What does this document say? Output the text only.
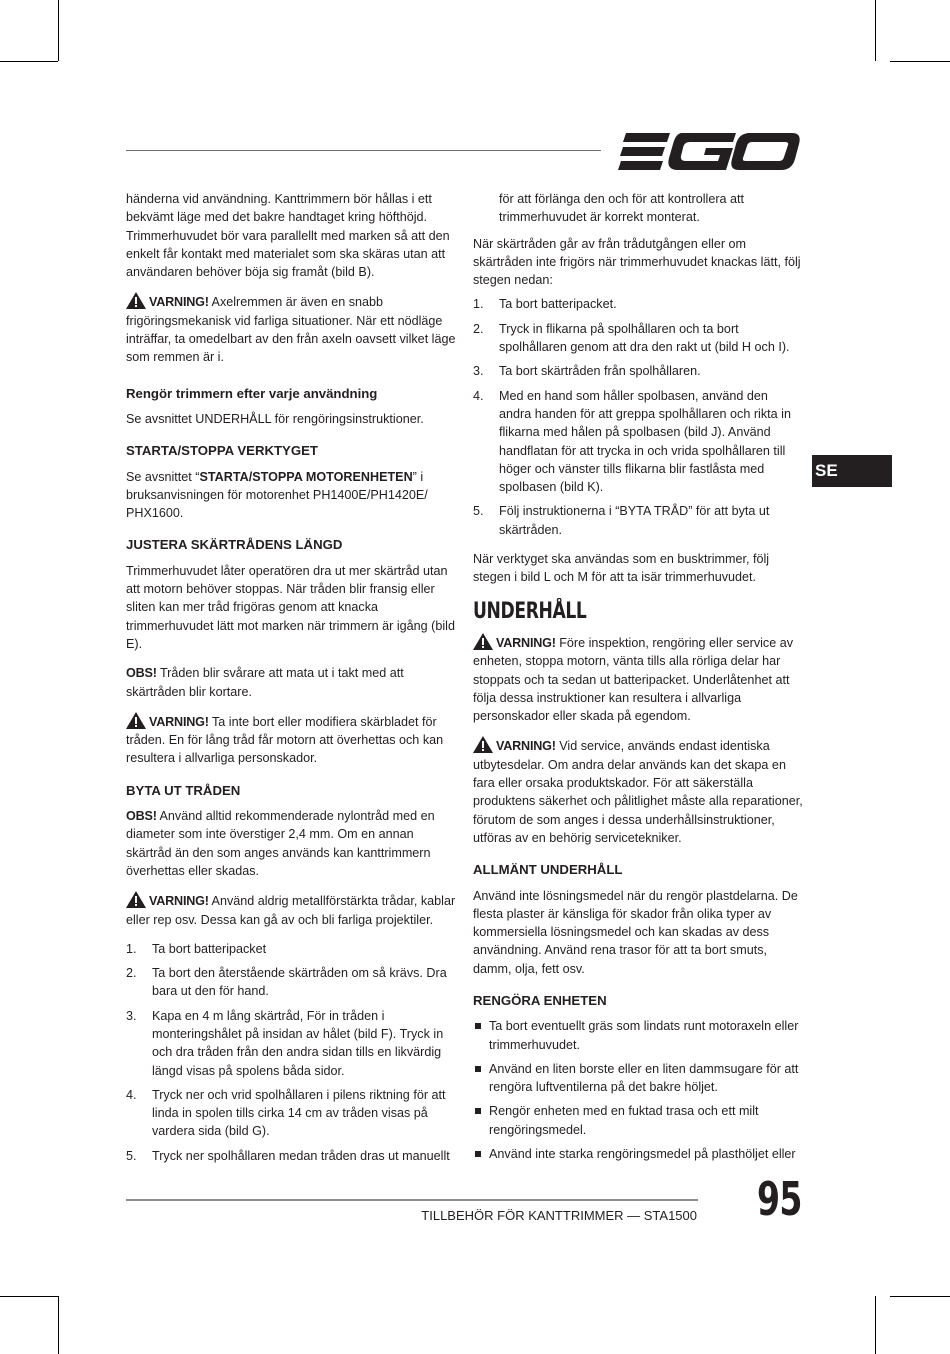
händerna vid användning. Kanttrimmern bör hållas i ett bekvämt läge med det bakre handtaget kring höfthöjd. Trimmerhuvudet bör vara parallellt med marken så att den enkelt får kontakt med materialet som ska skäras utan att användaren behöver böja sig framåt (bild B).

VARNING! Axelremmen är även en snabb frigöringsmekanisk vid farliga situationer. När ett nödläge inträffar, ta omedelbart av den från axeln oavsett vilket läge som remmen är i.

Rengör trimmern efter varje användning

Se avsnittet UNDERHÅLL för rengöringsinstruktioner.

STARTA/STOPPA VERKTYGET

Se avsnittet “STARTA/STOPPA MOTORENHETEN” i bruksanvisningen för motorenhet PH1400E/PH1420E/ PHX1600.

JUSTERA SKÄRTRÅDENS LÄNGD

Trimmerhuvudet låter operatören dra ut mer skärtråd utan att motorn behöver stoppas. När tråden blir fransig eller sliten kan mer tråd frigöras genom att knacka trimmerhuvudet lätt mot marken när trimmern är igång (bild E).

OBS! Tråden blir svårare att mata ut i takt med att skärtråden blir kortare.

VARNING! Ta inte bort eller modifiera skärbladet för tråden. En för lång tråd får motorn att överhettas och kan resultera i allvarliga personskador.

BYTA UT TRÅDEN

OBS! Använd alltid rekommenderade nylontråd med en diameter som inte överstiger 2,4 mm. Om en annan skärtråd än den som anges används kan kanttrimmern överhettas eller skadas.

VARNING! Använd aldrig metallförstärkta trådar, kablar eller rep osv. Dessa kan gå av och bli farliga projektiler.

1. Ta bort batteripacket
2. Ta bort den återstående skärtråden om så krävs. Dra bara ut den för hand.
3. Kapa en 4 m lång skärtråd, För in tråden i monteringshålet på insidan av hålet (bild F). Tryck in och dra tråden från den andra sidan tills en likvärdig längd visas på spolens båda sidor.
4. Tryck ner och vrid spolhållaren i pilens riktning för att linda in spolen tills cirka 14 cm av tråden visas på vardera sida (bild G).
5. Tryck ner spolhållaren medan tråden dras ut manuellt

för att förlänga den och för att kontrollera att trimmerhuvudet är korrekt monterat.

När skärtråden går av från trådutgången eller om skärtråden inte frigörs när trimmerhuvudet knackas lätt, följ stegen nedan:

1. Ta bort batteripacket.
2. Tryck in flikarna på spolhållaren och ta bort spolhållaren genom att dra den rakt ut (bild H och I).
3. Ta bort skärtråden från spolhållaren.
4. Med en hand som håller spolbasen, använd den andra handen för att greppa spolhållaren och rikta in flikarna med hålen på spolbasen (bild J). Använd handflatan för att trycka in och vrida spolhållaren till höger och vänster tills flikarna blir fastlåsta med spolbasen (bild K).
5. Följ instruktionerna i “BYTA TRÅD” för att byta ut skärtråden.

När verktyget ska användas som en busktrimmer, följ stegen i bild L och M för att ta isär trimmerhuvudet.

UNDERHÅLL

VARNING! Före inspektion, rengöring eller service av enheten, stoppa motorn, vänta tills alla rörliga delar har stoppats och ta sedan ut batteripacket. Underlåtenhet att följa dessa instruktioner kan resultera i allvarliga personskador eller skada på egendom.

VARNING! Vid service, används endast identiska utbytesdelar. Om andra delar används kan det skapa en fara eller orsaka produktskador. För att säkerställa produktens säkerhet och pålitlighet måste alla reparationer, förutom de som anges i dessa underhållsinstruktioner, utföras av en behörig servicetekniker.

ALLMÄNT UNDERHÅLL

Använd inte lösningsmedel när du rengör plastdelarna. De flesta plaster är känsliga för skador från olika typer av kommersiella lösningsmedel och kan skadas av dess användning. Använd rena trasor för att ta bort smuts, damm, olja, fett osv.

RENGÖRA ENHETEN
Ta bort eventuellt gräs som lindats runt motoraxeln eller trimmerhuvudet.
Använd en liten borste eller en liten dammsugare för att rengöra luftventilerna på det bakre höljet.
Rengör enheten med en fuktad trasa och ett milt rengöringsmedel.
Använd inte starka rengöringsmedel på plasthöljet eller
SE
TILLBEHÖR FÖR KANTTRIMMER — STA1500 95
